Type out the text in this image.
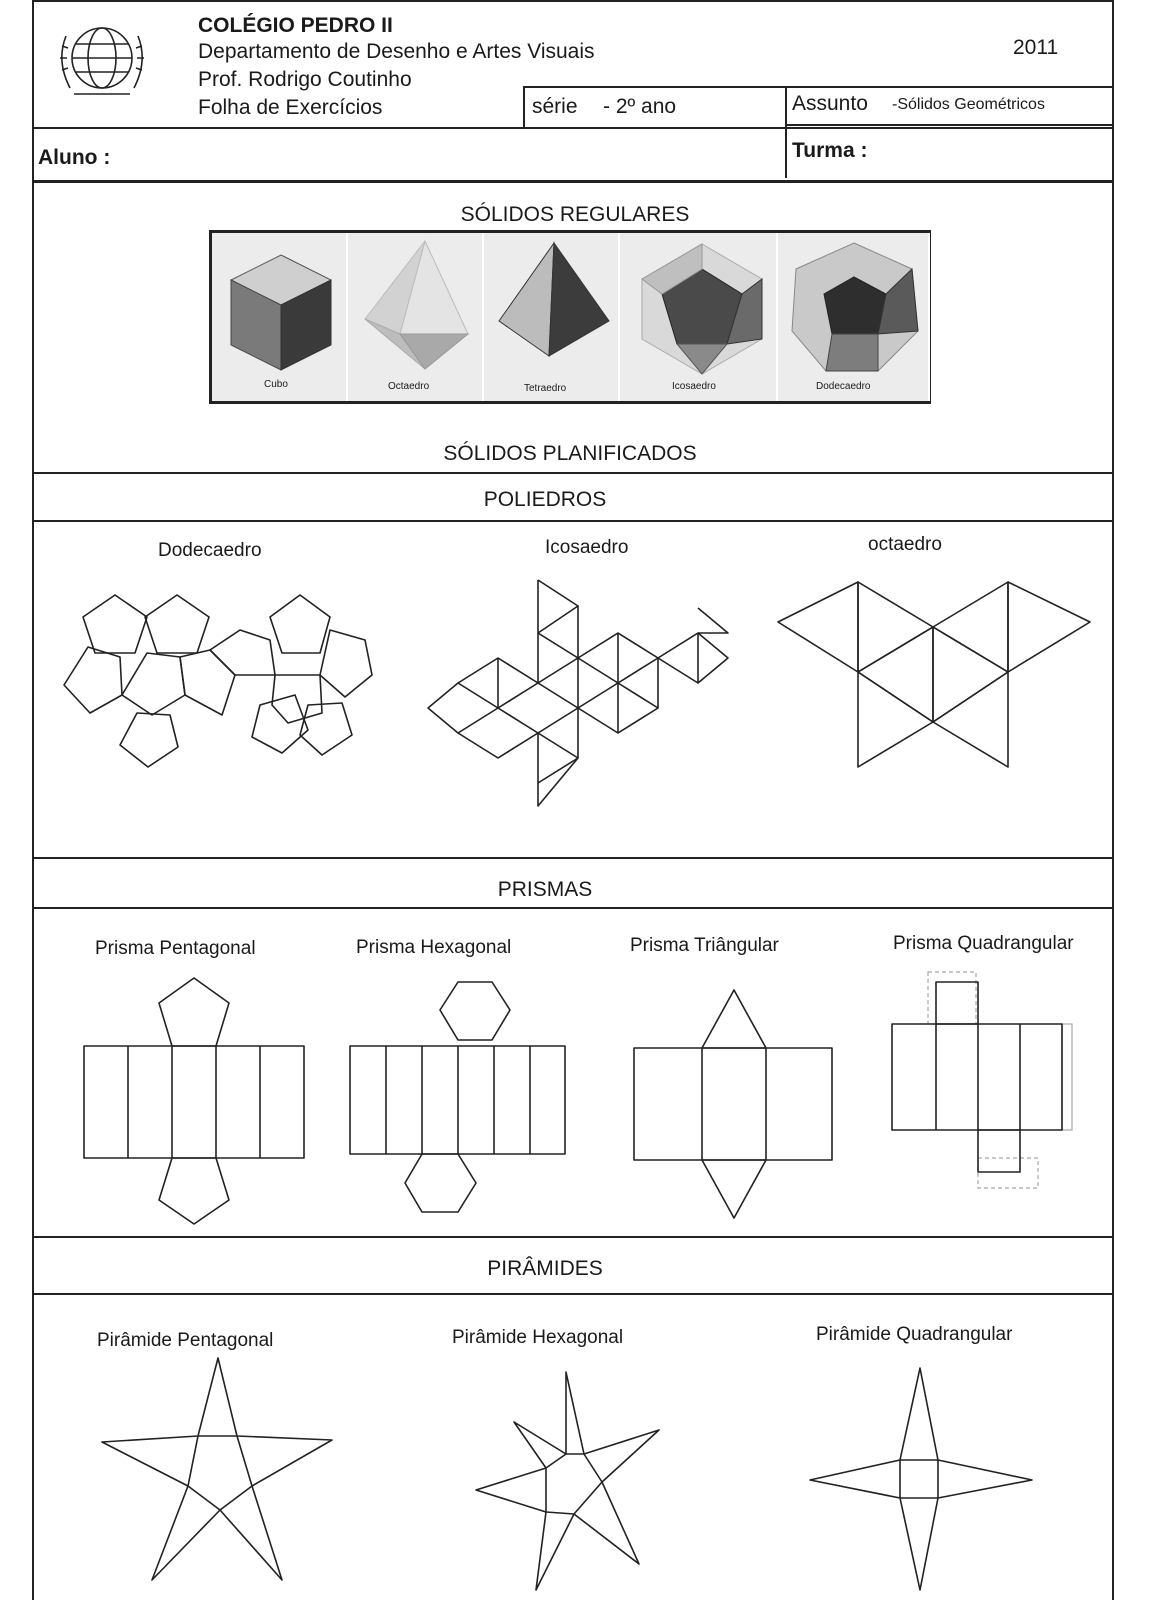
COLÉGIO PEDRO II
Departamento de Desenho e Artes Visuais
Prof. Rodrigo Coutinho
Folha de Exercícios
2011
série - 2º ano	Assunto -Sólidos Geométricos
Aluno :	Turma :
SÓLIDOS REGULARES
Cubo	Octaedro	Tetraedro	Icosaedro	Dodecaedro
SÓLIDOS PLANIFICADOS
POLIEDROS
Dodecaedro	Icosaedro	octaedro
PRISMAS
Prisma Pentagonal	Prisma Hexagonal	Prisma Triângular	Prisma Quadrangular
PIRÂMIDES
Pirâmide Pentagonal	Pirâmide Hexagonal	Pirâmide Quadrangular
